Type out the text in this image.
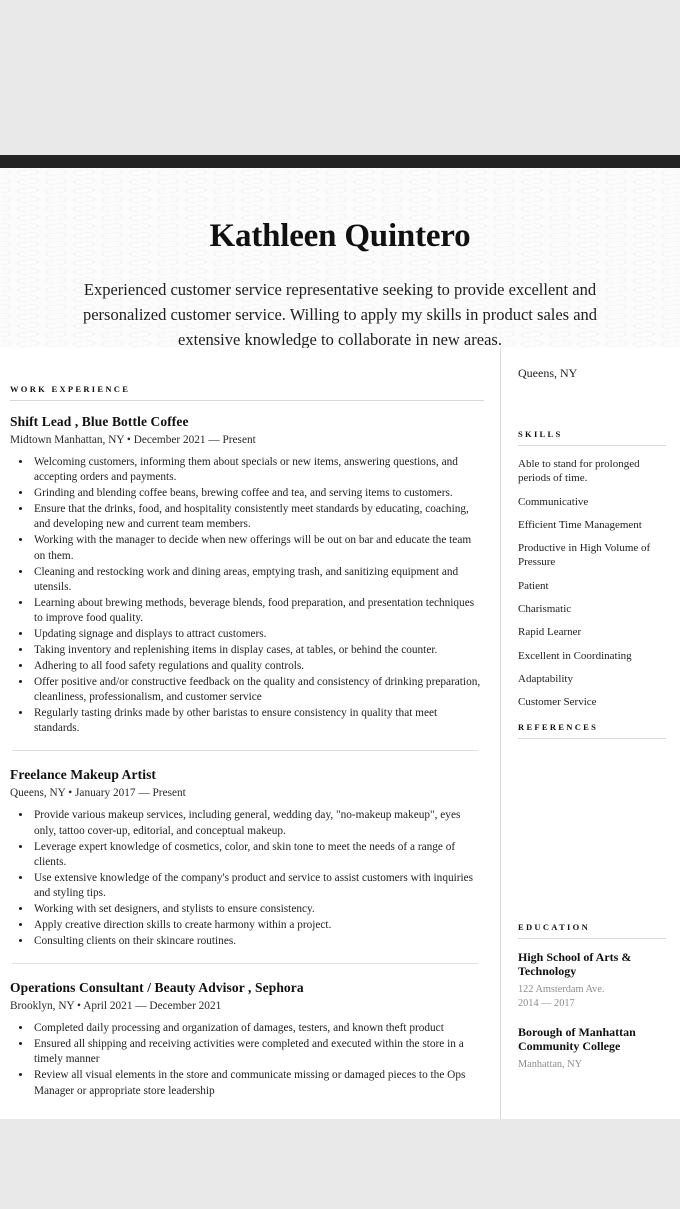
Kathleen Quintero

Experienced customer service representative seeking to provide excellent and personalized customer service. Willing to apply my skills in product sales and extensive knowledge to collaborate in new areas.

WORK EXPERIENCE
Shift Lead , Blue Bottle Coffee
Midtown Manhattan, NY • December 2021 — Present
• Welcoming customers, informing them about specials or new items, answering questions, and accepting orders and payments.
• Grinding and blending coffee beans, brewing coffee and tea, and serving items to customers.
• Ensure that the drinks, food, and hospitality consistently meet standards by educating, coaching, and developing new and current team members.
• Working with the manager to decide when new offerings will be out on bar and educate the team on them.
• Cleaning and restocking work and dining areas, emptying trash, and sanitizing equipment and utensils.
• Learning about brewing methods, beverage blends, food preparation, and presentation techniques to improve food quality.
• Updating signage and displays to attract customers.
• Taking inventory and replenishing items in display cases, at tables, or behind the counter.
• Adhering to all food safety regulations and quality controls.
• Offer positive and/or constructive feedback on the quality and consistency of drinking preparation, cleanliness, professionalism, and customer service
• Regularly tasting drinks made by other baristas to ensure consistency in quality that meet standards.
Freelance Makeup Artist
Queens, NY • January 2017 — Present
• Provide various makeup services, including general, wedding day, "no-makeup makeup", eyes only, tattoo cover-up, editorial, and conceptual makeup.
• Leverage expert knowledge of cosmetics, color, and skin tone to meet the needs of a range of clients.
• Use extensive knowledge of the company's product and service to assist customers with inquiries and styling tips.
• Working with set designers, and stylists to ensure consistency.
• Apply creative direction skills to create harmony within a project.
• Consulting clients on their skincare routines.
Operations Consultant / Beauty Advisor , Sephora
Brooklyn, NY • April 2021 — December 2021
• Completed daily processing and organization of damages, testers, and known theft product
• Ensured all shipping and receiving activities were completed and executed within the store in a timely manner
• Review all visual elements in the store and communicate missing or damaged pieces to the Ops Manager or appropriate store leadership
Queens, NY
SKILLS
Able to stand for prolonged periods of time.
Communicative
Efficient Time Management
Productive in High Volume of Pressure
Patient
Charismatic
Rapid Learner
Excellent in Coordinating
Adaptability
Customer Service
REFERENCES
EDUCATION
High School of Arts & Technology

122 Amsterdam Ave.

2014 — 2017

Borough of Manhattan Community College

Manhattan, NY
